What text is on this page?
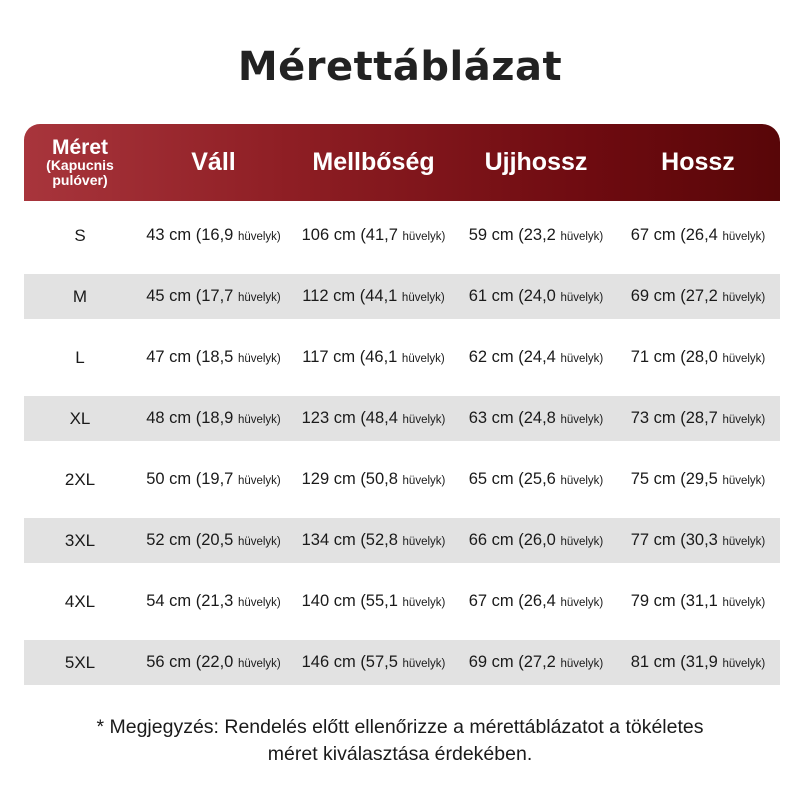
Mérettáblázat
Méret
(Kapucnis
pulóver)
Váll	Mellbőség	Ujjhossz	Hossz
S	43 cm (16,9 hüvelyk)	106 cm (41,7 hüvelyk)	59 cm (23,2 hüvelyk)	67 cm (26,4 hüvelyk)
M	45 cm (17,7 hüvelyk)	112 cm (44,1 hüvelyk)	61 cm (24,0 hüvelyk)	69 cm (27,2 hüvelyk)
L	47 cm (18,5 hüvelyk)	117 cm (46,1 hüvelyk)	62 cm (24,4 hüvelyk)	71 cm (28,0 hüvelyk)
XL	48 cm (18,9 hüvelyk)	123 cm (48,4 hüvelyk)	63 cm (24,8 hüvelyk)	73 cm (28,7 hüvelyk)
2XL	50 cm (19,7 hüvelyk)	129 cm (50,8 hüvelyk)	65 cm (25,6 hüvelyk)	75 cm (29,5 hüvelyk)
3XL	52 cm (20,5 hüvelyk)	134 cm (52,8 hüvelyk)	66 cm (26,0 hüvelyk)	77 cm (30,3 hüvelyk)
4XL	54 cm (21,3 hüvelyk)	140 cm (55,1 hüvelyk)	67 cm (26,4 hüvelyk)	79 cm (31,1 hüvelyk)
5XL	56 cm (22,0 hüvelyk)	146 cm (57,5 hüvelyk)	69 cm (27,2 hüvelyk)	81 cm (31,9 hüvelyk)
* Megjegyzés: Rendelés előtt ellenőrizze a mérettáblázatot a tökéletes
méret kiválasztása érdekében.
